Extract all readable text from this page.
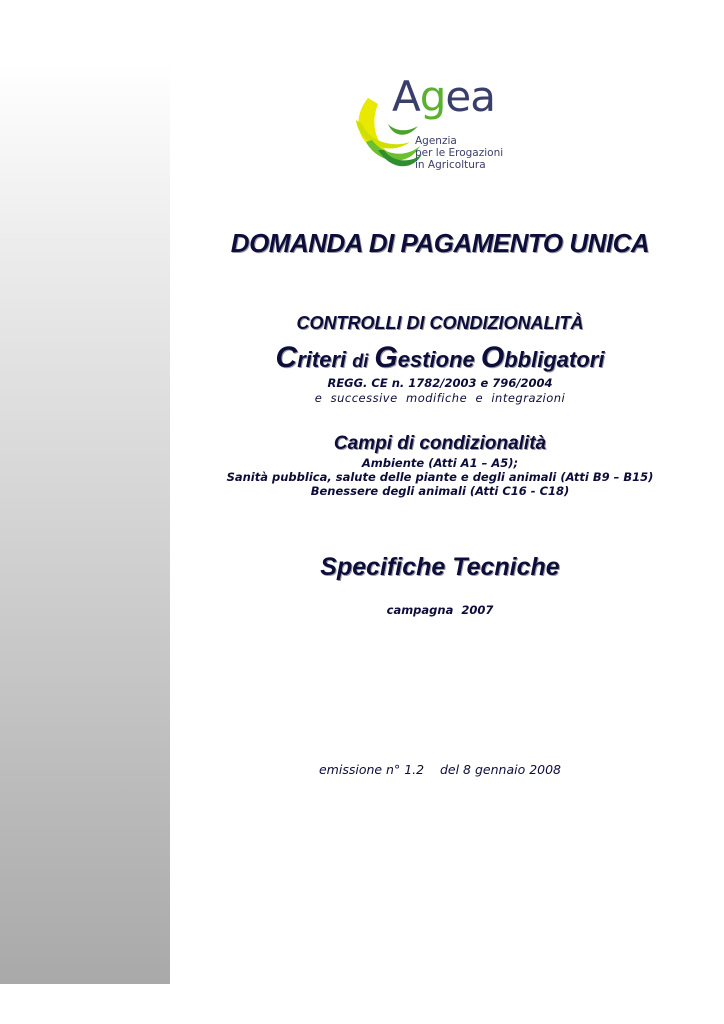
Agea
Agenzia
per le Erogazioni
in Agricoltura
DOMANDA DI PAGAMENTO UNICA
CONTROLLI DI CONDIZIONALITÀ
Criteri di Gestione Obbligatori
REGG. CE n. 1782/2003 e 796/2004
e  successive  modifiche  e  integrazioni
Campi di condizionalità
Ambiente (Atti A1 – A5);
Sanità pubblica, salute delle piante e degli animali (Atti B9 – B15)
Benessere degli animali (Atti C16 - C18)
Specifiche Tecniche
campagna  2007
emissione n° 1.2    del 8 gennaio 2008
